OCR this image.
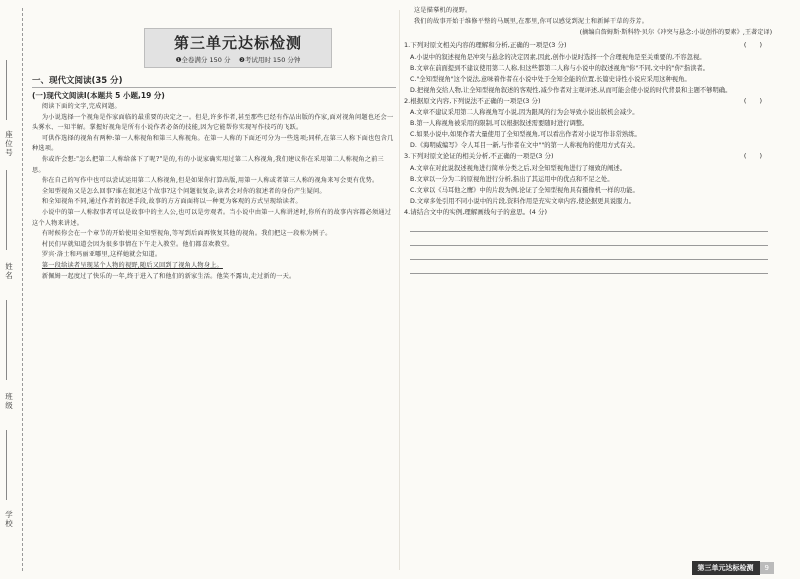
座位号
姓名
班级
学校
第三单元达标检测
❶全卷满分 150 分　 ❷考试用时 150 分钟
一、现代文阅读(35 分)
(一)现代文阅读Ⅰ(本题共 5 小题,19 分)

阅读下面的文字,完成问题。

为小说选择一个视角是作家面临的最重要的决定之一。但是,许多作者,甚至那些已经有作品出版的作家,面对视角问题也还会一头雾水、一知半解。掌握好视角是所有小说作者必备的技能,因为它能帮你实现写作技巧的飞跃。

可供作选择的视角有两种:第一人称视角和第三人称视角。在第一人称的下面还可分为一些选项;同样,在第三人称下面也包含几种选项。

你或许会想:"怎么把第二人称给落下了呢?"是的,有的小说家确实用过第二人称视角,我们建议你在采用第二人称视角之前三思。

你在自己的写作中也可以尝试运用第二人称视角,但是如果你打算出版,用第一人称或者第三人称的视角来写会更有优势。

全知型视角又是怎么回事?谁在叙述这个故事?这个问题很复杂,读者会对你的叙述者的身份产生疑问。

和全知视角不同,通过作者的叙述手段,故事的方方面面将以一种更为客观的方式呈现给读者。

小说中的第一人称叙事者可以是故事中的主人公,也可以是旁观者。当小说中由第一人称讲述时,你所有的故事内容都必须通过这个人物来讲述。

有时候你会在一个章节的开始使用全知型视角,等写到后面再恢复其他的视角。我们把这一段称为例子。

村民们早就知道会因为很多事情在下午走入教堂。他们都喜欢教堂。

罗宾·洛士和玛丽亚哪里,这样她就会知道。

第一段给读者呈现某个人物的视野,随后又回到了视角人物身上。

新佩姆一起度过了快乐的一年,终于进入了和他们的新家生活。他笑不露齿,走过新的一天。

这是描摹机的视野。

我们的故事开始于维修平整的马厩里,在那里,你可以感觉到泥土和新鲜干草的芬芳。

(摘编自詹姆斯·斯科特·贝尔《冲突与悬念:小说创作的要素》,王著定译)
(　　)
1.下列对原文相关内容的理解和分析,正确的一项是(3 分)
A.小说中的叙述视角是冲突与悬念的决定因素,因此,创作小说时选择一个合理视角是至关重要的,不容忽视。
B.文章在前面提到不建议使用第二人称,但这些都第二人称与小说中的叙述视角"你"不同,文中的"你"指读者。
C."全知型视角"这个说法,意味着作者在小说中处于全知全能的位置,长篇史诗性小说应采用这种视角。
D.把视角交给人物,让全知型视角叙述的客观性,减少作者对主观评述,从而可能会使小说的时代背景和主题不够明确。
(　　)
2.根据原文内容,下列说法不正确的一项是(3 分)
A.文章不建议采用第二人称视角写小说,因为跟风的行为会导致小说出版机会减少。
B.第一人称视角被采用的限制,可以根据叙述需要随时进行调整。
C.如果小说中,如果作者大量使用了全知型视角,可以看出作者对小说写作非常熟练。
D.《海明威编写》令人耳目一新,与作者在文中""的第一人称视角的使用方式有关。
(　　)
3.下列对原文论证的相关分析,不正确的一项是(3 分)
A.文章在对此说叙述视角进行简单分类之后,对全知型视角进行了细致的阐述。
B.文章以一分为二的原视角进行分析,指出了其运用中的优点和不足之处。
C.文章以《马耳他之鹰》中的片段为例,论证了全知型视角具有摄像机一样的功能。
D.文章多处引用不同小说中的片段,资料作用是充实文章内容,使论据更具说服力。
4.请结合文中的实例,理解画线句子的意思。(4 分)
第三单元达标检测	9
